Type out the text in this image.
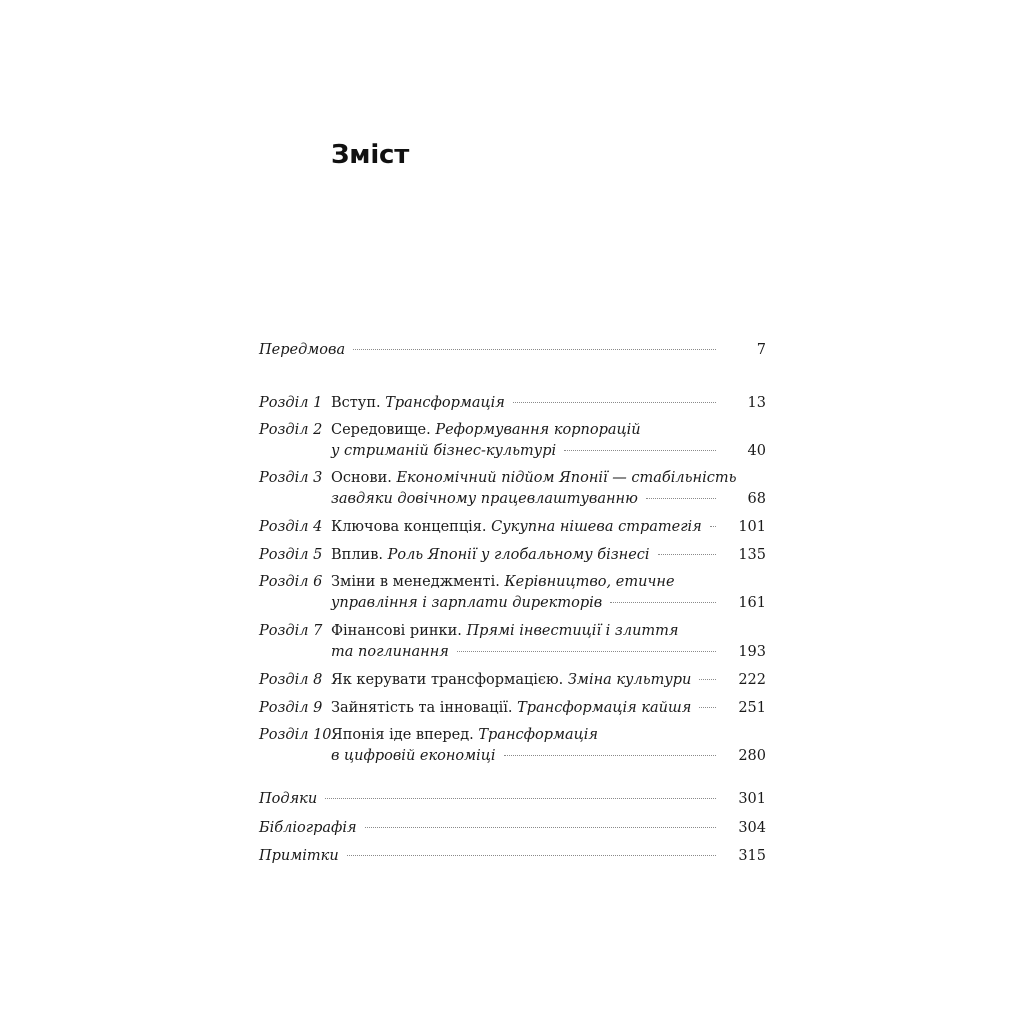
Зміст
Передмова	7
Розділ 1 Вступ. Трансформація	13
Розділ 2 Середовище. Реформування корпорацій
у стриманій бізнес-культурі	40
Розділ 3 Основи. Економічний підйом Японії — стабільність
завдяки довічному працевлаштуванню	68
Розділ 4 Ключова концепція. Сукупна нішева стратегія	101
Розділ 5 Вплив. Роль Японії у глобальному бізнесі	135
Розділ 6 Зміни в менеджменті. Керівництво, етичне
управління і зарплати директорів	161
Розділ 7 Фінансові ринки. Прямі інвестиції і злиття
та поглинання	193
Розділ 8 Як керувати трансформацією. Зміна культури	222
Розділ 9 Зайнятість та інновації. Трансформація кайшя	251
Розділ 10 Японія іде вперед. Трансформація
в цифровій економіці	280
Подяки	301
Бібліографія	304
Примітки	315
